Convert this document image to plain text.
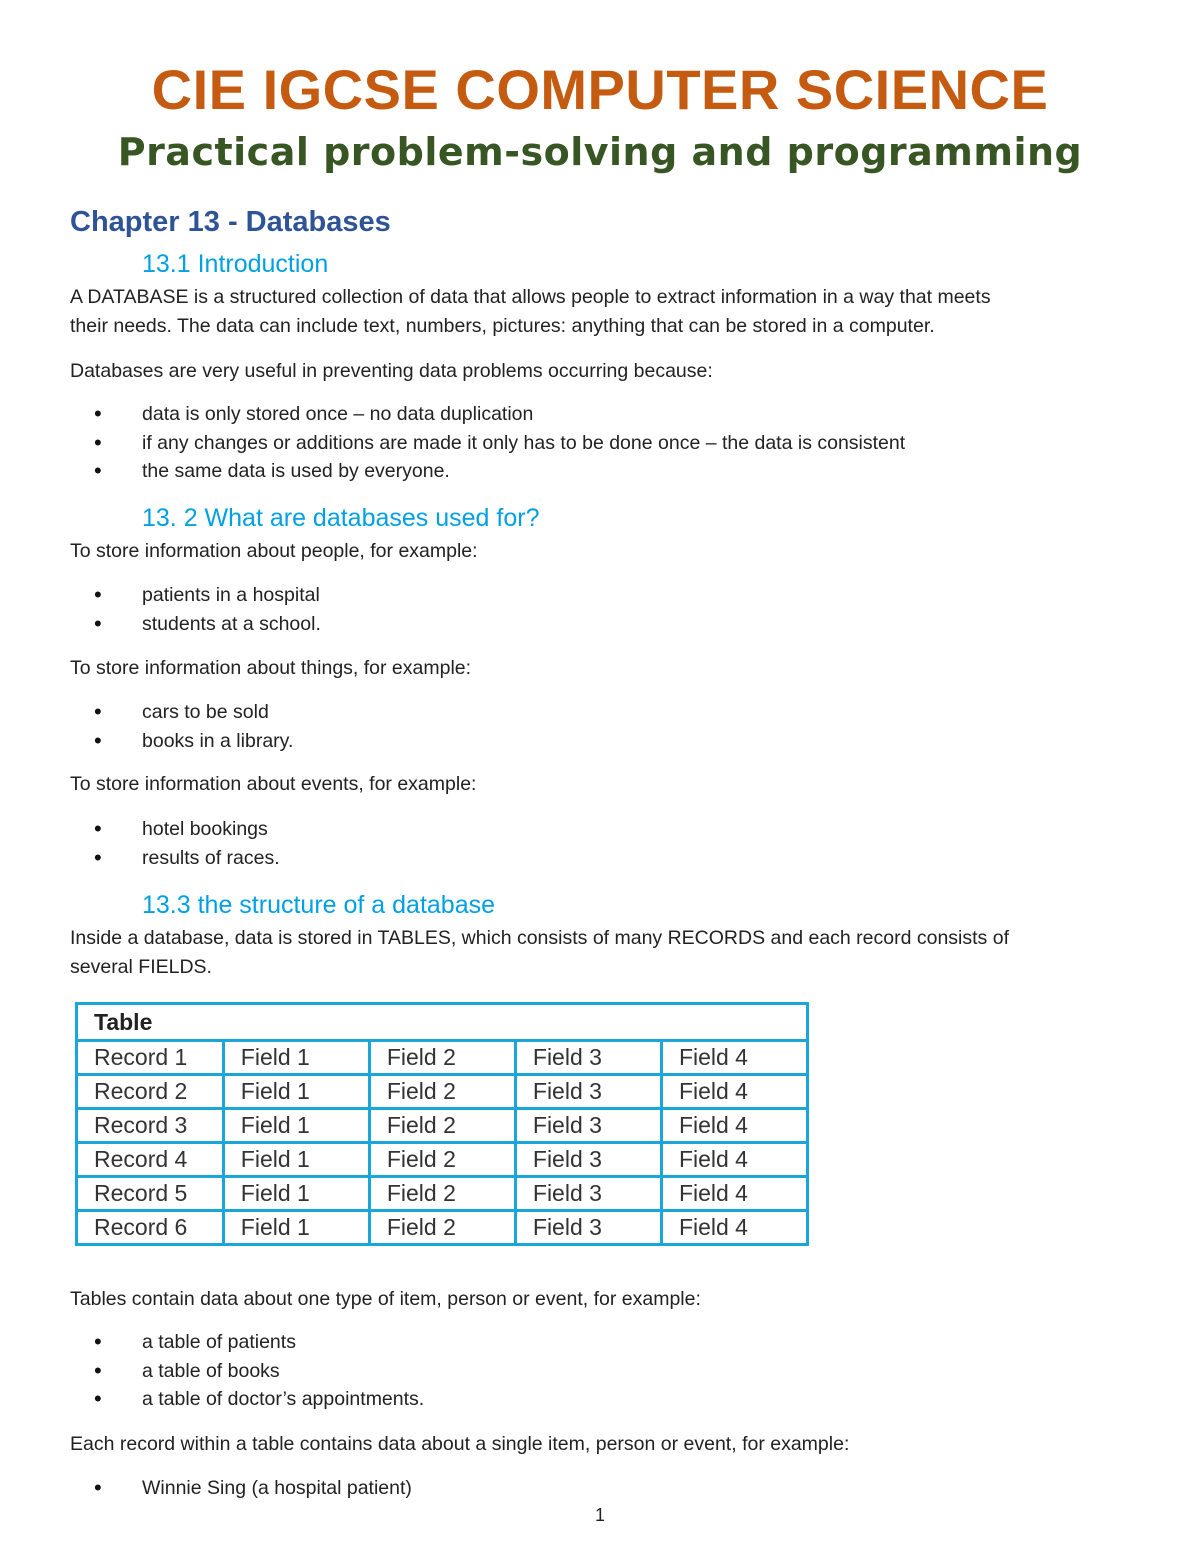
CIE IGCSE COMPUTER SCIENCE
Practical problem-solving and programming
Chapter 13 - Databases
13.1 Introduction

A DATABASE is a structured collection of data that allows people to extract information in a way that meets
their needs. The data can include text, numbers, pictures: anything that can be stored in a computer.

Databases are very useful in preventing data problems occurring because:

• data is only stored once – no data duplication
• if any changes or additions are made it only has to be done once – the data is consistent
• the same data is used by everyone.
13. 2 What are databases used for?

To store information about people, for example:

• patients in a hospital
• students at a school.

To store information about things, for example:

• cars to be sold
• books in a library.

To store information about events, for example:

• hotel bookings
• results of races.
13.3 the structure of a database

Inside a database, data is stored in TABLES, which consists of many RECORDS and each record consists of
several FIELDS.

Table				
Record 1	Field 1	Field 2	Field 3	Field 4
Record 2	Field 1	Field 2	Field 3	Field 4
Record 3	Field 1	Field 2	Field 3	Field 4
Record 4	Field 1	Field 2	Field 3	Field 4
Record 5	Field 1	Field 2	Field 3	Field 4
Record 6	Field 1	Field 2	Field 3	Field 4

Tables contain data about one type of item, person or event, for example:

• a table of patients
• a table of books
• a table of doctor’s appointments.

Each record within a table contains data about a single item, person or event, for example:

• Winnie Sing (a hospital patient)

1
